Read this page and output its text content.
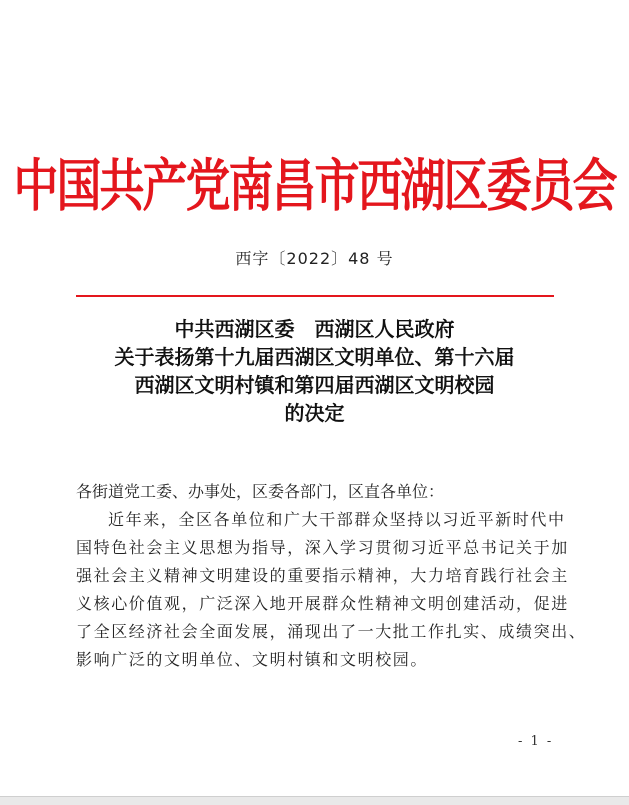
中国共产党南昌市西湖区委员会
西字〔2022〕48 号
中共西湖区委　西湖区人民政府
关于表扬第十九届西湖区文明单位、第十六届
西湖区文明村镇和第四届西湖区文明校园
的决定
各街道党工委、办事处，区委各部门，区直各单位：
近年来，全区各单位和广大干部群众坚持以习近平新时代中
国特色社会主义思想为指导，深入学习贯彻习近平总书记关于加
强社会主义精神文明建设的重要指示精神，大力培育践行社会主
义核心价值观，广泛深入地开展群众性精神文明创建活动，促进
了全区经济社会全面发展，涌现出了一大批工作扎实、成绩突出、
影响广泛的文明单位、文明村镇和文明校园。
- 1 -
